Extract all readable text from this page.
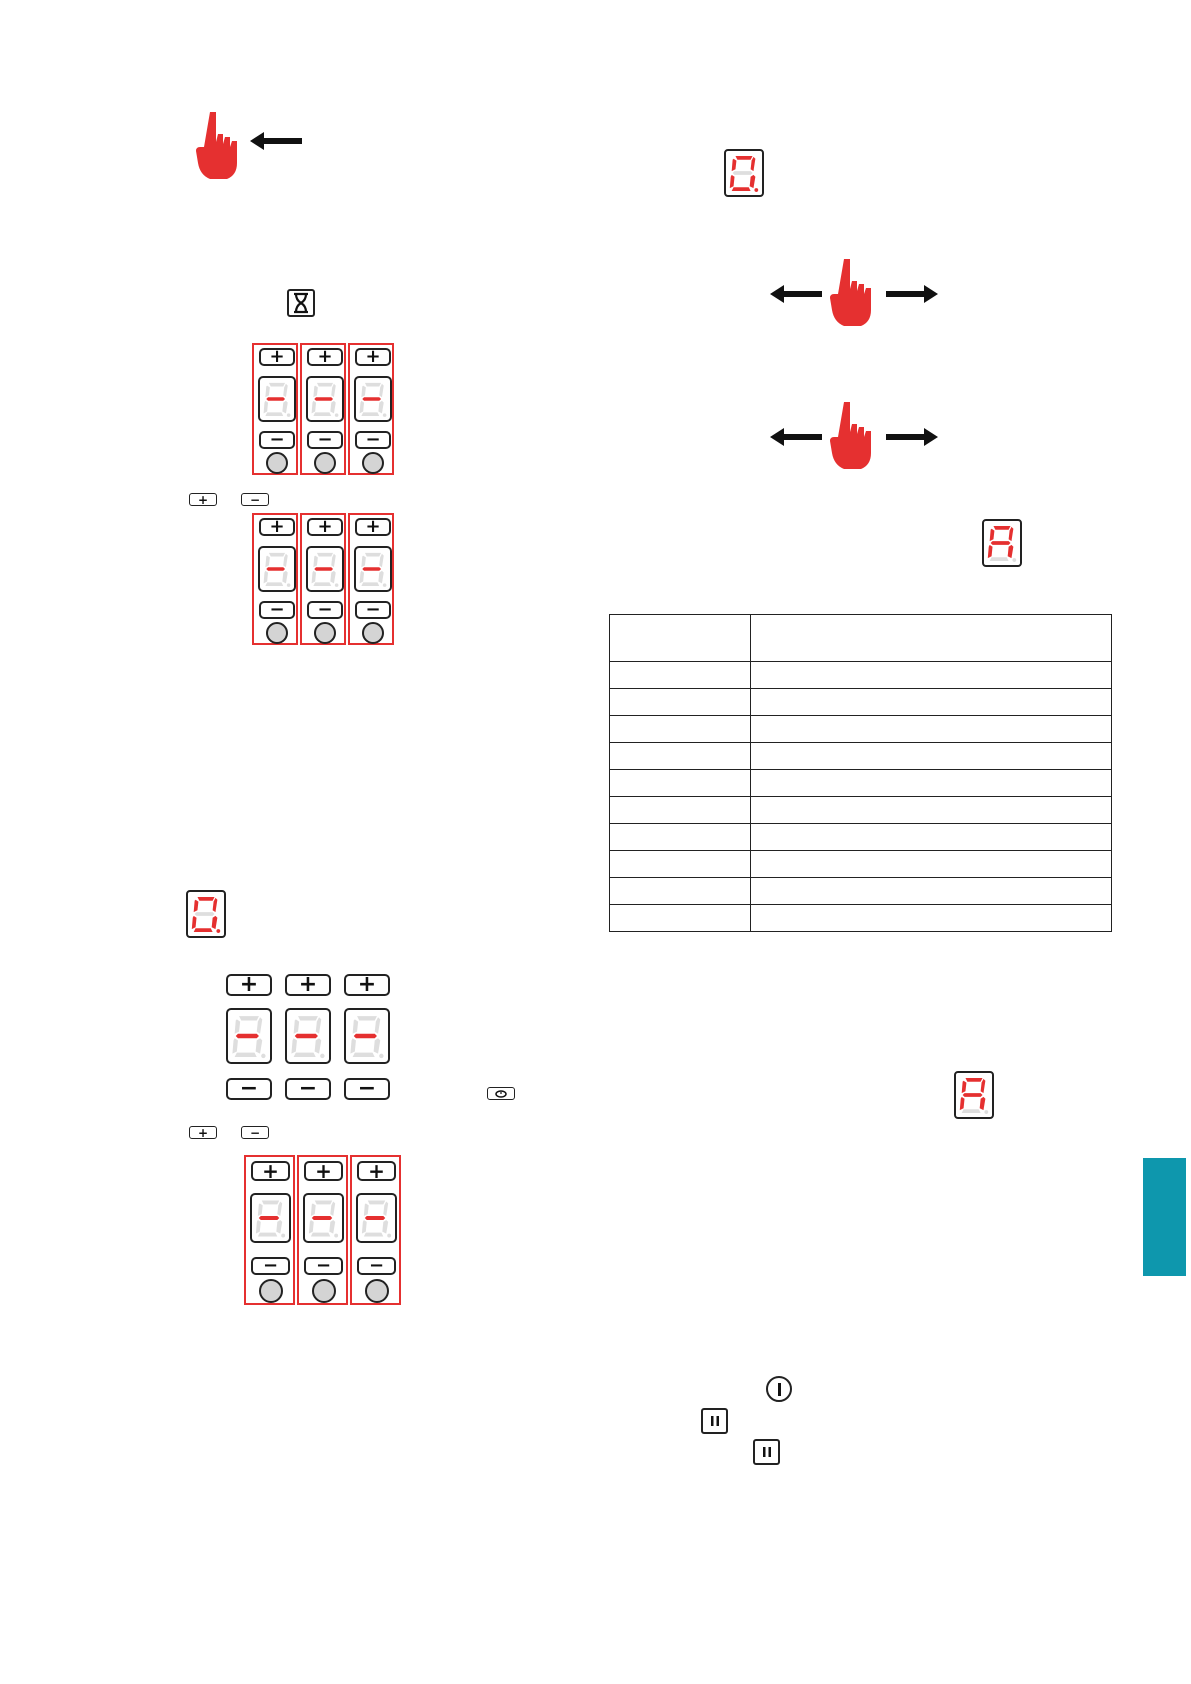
+
−
+
−
+
−
+	−
+
−
+
−
+
−
+	+	+
−	−	−
+	−
+
−
+
−
+
−
